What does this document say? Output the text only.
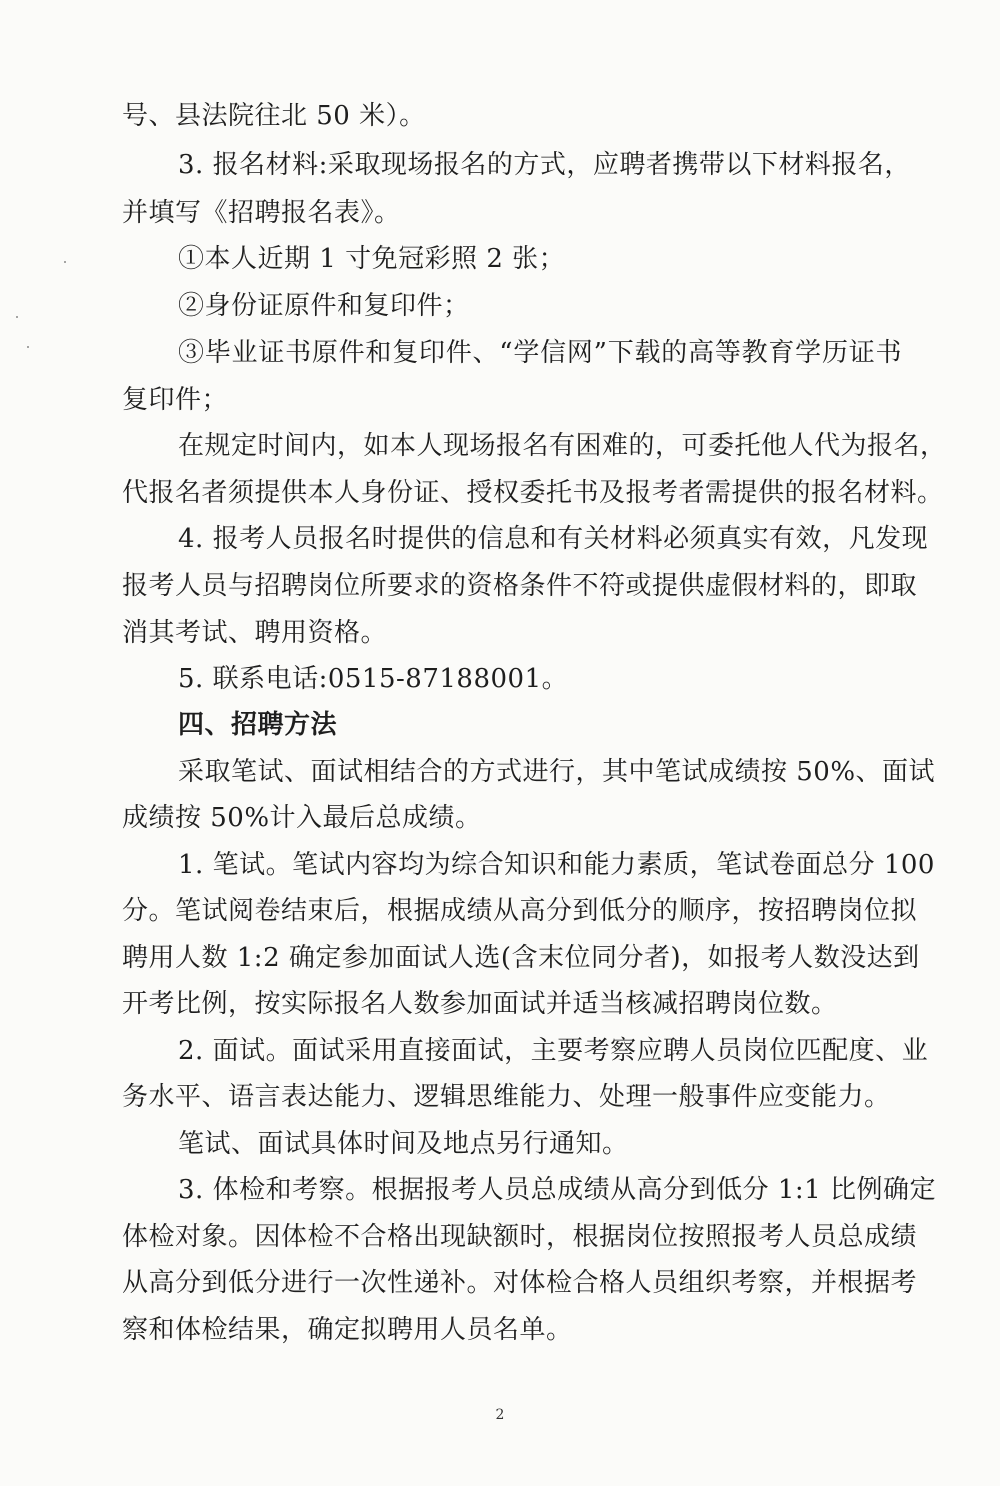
号、县法院往北 50 米）。
3. 报名材料:采取现场报名的方式，应聘者携带以下材料报名，
并填写《招聘报名表》。
①本人近期 1 寸免冠彩照 2 张；
②身份证原件和复印件；
③毕业证书原件和复印件、“学信网”下载的高等教育学历证书
复印件；
在规定时间内，如本人现场报名有困难的，可委托他人代为报名，
代报名者须提供本人身份证、授权委托书及报考者需提供的报名材料。
4. 报考人员报名时提供的信息和有关材料必须真实有效，凡发现
报考人员与招聘岗位所要求的资格条件不符或提供虚假材料的，即取
消其考试、聘用资格。
5. 联系电话:0515-87188001。
四、招聘方法
采取笔试、面试相结合的方式进行，其中笔试成绩按 50%、面试
成绩按 50%计入最后总成绩。
1. 笔试。笔试内容均为综合知识和能力素质，笔试卷面总分 100
分。笔试阅卷结束后，根据成绩从高分到低分的顺序，按招聘岗位拟
聘用人数 1:2 确定参加面试人选(含末位同分者)，如报考人数没达到
开考比例，按实际报名人数参加面试并适当核减招聘岗位数。
2. 面试。面试采用直接面试，主要考察应聘人员岗位匹配度、业
务水平、语言表达能力、逻辑思维能力、处理一般事件应变能力。
笔试、面试具体时间及地点另行通知。
3. 体检和考察。根据报考人员总成绩从高分到低分 1:1 比例确定
体检对象。因体检不合格出现缺额时，根据岗位按照报考人员总成绩
从高分到低分进行一次性递补。对体检合格人员组织考察，并根据考
察和体检结果，确定拟聘用人员名单。
2
